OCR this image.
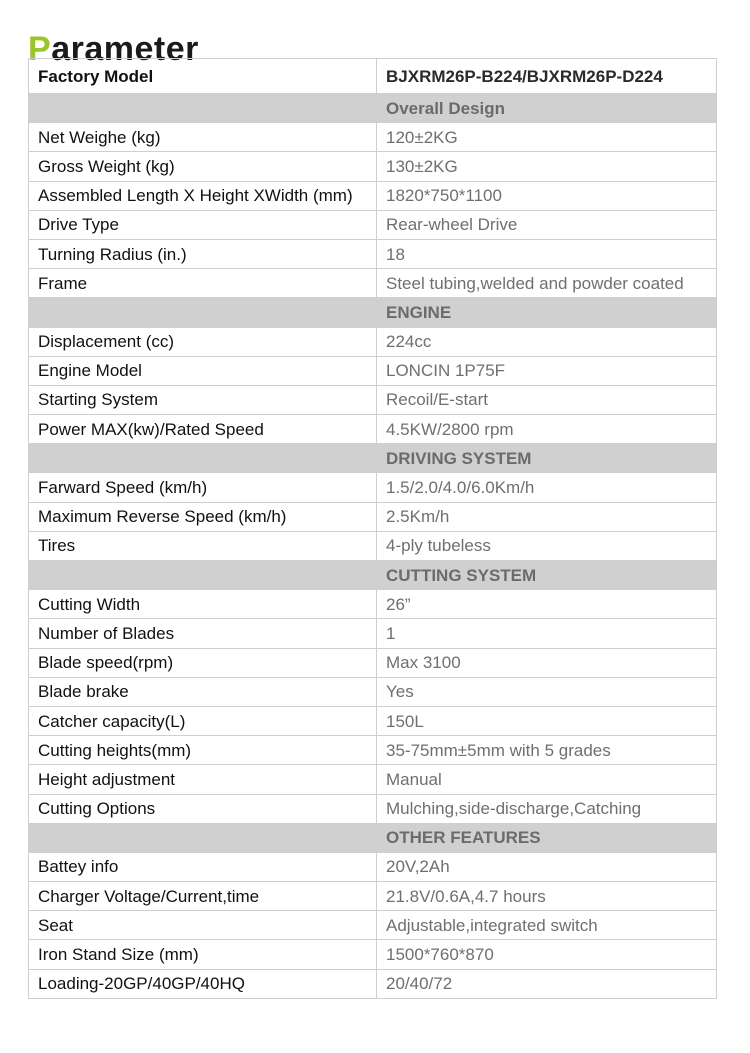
Parameter
Factory Model	BJXRM26P-B224/BJXRM26P-D224
	Overall Design
Net Weighe (kg)	120±2KG
Gross Weight (kg)	130±2KG
Assembled Length X Height XWidth (mm)	1820*750*1100
Drive Type	Rear-wheel Drive
Turning Radius (in.)	18
Frame	Steel tubing,welded and powder coated
	ENGINE
Displacement (cc)	224cc
Engine Model	LONCIN 1P75F
Starting System	Recoil/E-start
Power MAX(kw)/Rated Speed	4.5KW/2800 rpm
	DRIVING SYSTEM
Farward Speed (km/h)	1.5/2.0/4.0/6.0Km/h
Maximum Reverse Speed (km/h)	2.5Km/h
Tires	4-ply tubeless
	CUTTING SYSTEM
Cutting Width	26”
Number of Blades	1
Blade speed(rpm)	Max 3100
Blade brake	Yes
Catcher capacity(L)	150L
Cutting heights(mm)	35-75mm±5mm with 5 grades
Height adjustment	Manual
Cutting Options	Mulching,side-discharge,Catching
	OTHER FEATURES
Battey info	20V,2Ah
Charger Voltage/Current,time	21.8V/0.6A,4.7 hours
Seat	Adjustable,integrated switch
Iron Stand Size (mm)	1500*760*870
Loading-20GP/40GP/40HQ	20/40/72
